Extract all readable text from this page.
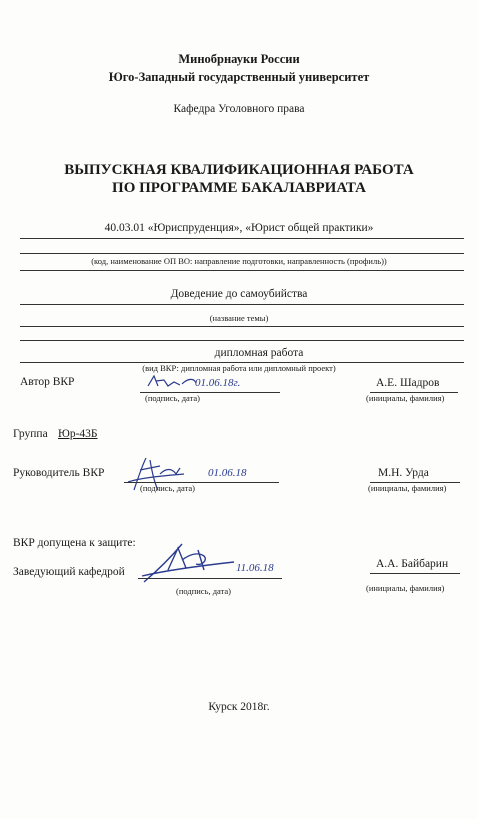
Минобрнауки России
Юго-Западный государственный университет
Кафедра Уголовного права
ВЫПУСКНАЯ КВАЛИФИКАЦИОННАЯ РАБОТА
ПО ПРОГРАММЕ БАКАЛАВРИАТА
40.03.01 «Юриспруденция», «Юрист общей практики»
(код, наименование ОП ВО: направление подготовки, направленность (профиль))
Доведение до самоубийства
(название темы)
дипломная работа
(вид ВКР: дипломная работа или дипломный проект)
Автор ВКР	01.06.18г.
(подпись, дата)
А.Е. Шадров
(инициалы, фамилия)
Группа Юр-43Б
Руководитель ВКР	01.06.18
(подпись, дата)
М.Н. Урда
(инициалы, фамилия)
ВКР допущена к защите:
Заведующий кафедрой	11.06.18
(подпись, дата)
А.А. Байбарин
(инициалы, фамилия)
Курск 2018г.
